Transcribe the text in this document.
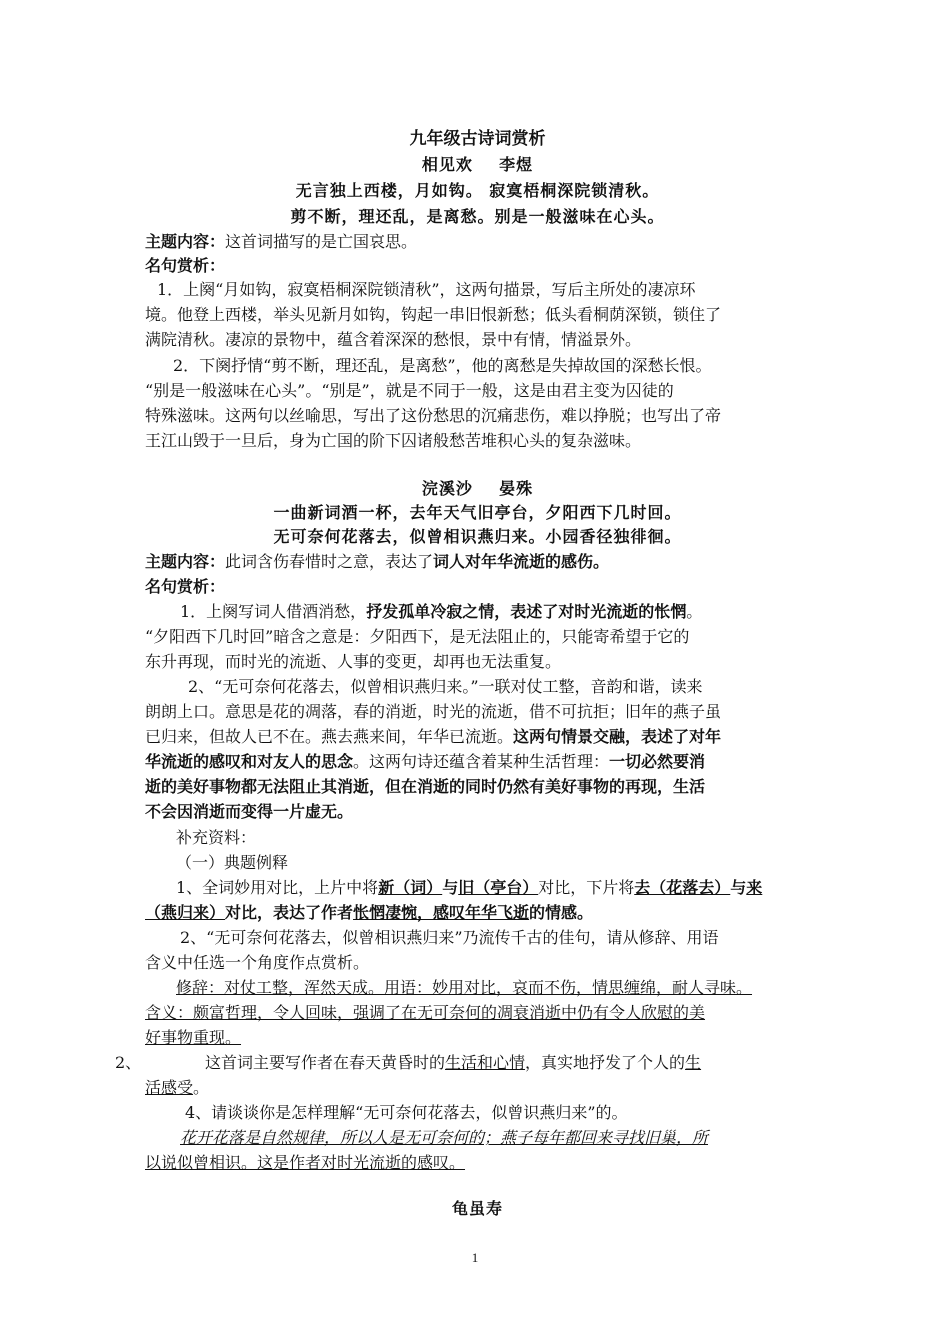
九年级古诗词赏析
相见欢    李煜
无言独上西楼，月如钩。 寂寞梧桐深院锁清秋。
剪不断，理还乱，是离愁。别是一般滋味在心头。
主题内容：这首词描写的是亡国哀思。
名句赏析：
1．上阕“月如钩，寂寞梧桐深院锁清秋”，这两句描景，写后主所处的凄凉环
境。他登上西楼，举头见新月如钩，钩起一串旧恨新愁；低头看桐荫深锁，锁住了
满院清秋。凄凉的景物中，蕴含着深深的愁恨，景中有情，情溢景外。
2．下阕抒情“剪不断，理还乱，是离愁”，他的离愁是失掉故国的深愁长恨。
“别是一般滋味在心头”。“别是”，就是不同于一般，这是由君主变为囚徒的
特殊滋味。这两句以丝喻思，写出了这份愁思的沉痛悲伤，难以挣脱；也写出了帝
王江山毁于一旦后，身为亡国的阶下囚诸般愁苦堆积心头的复杂滋味。
浣溪沙    晏殊
一曲新词酒一杯，去年天气旧亭台，夕阳西下几时回。
无可奈何花落去，似曾相识燕归来。小园香径独徘徊。
主题内容：此词含伤春惜时之意，表达了词人对年华流逝的感伤。
名句赏析：
1．上阕写词人借酒消愁，抒发孤单冷寂之情，表述了对时光流逝的怅惘。
“夕阳西下几时回”暗含之意是：夕阳西下，是无法阻止的，只能寄希望于它的
东升再现，而时光的流逝、人事的变更，却再也无法重复。
2、“无可奈何花落去，似曾相识燕归来。”一联对仗工整，音韵和谐，读来
朗朗上口。意思是花的凋落，春的消逝，时光的流逝，借不可抗拒；旧年的燕子虽
已归来，但故人已不在。燕去燕来间，年华已流逝。这两句情景交融，表述了对年
华流逝的感叹和对友人的思念。这两句诗还蕴含着某种生活哲理：一切必然要消
逝的美好事物都无法阻止其消逝，但在消逝的同时仍然有美好事物的再现，生活
不会因消逝而变得一片虚无。
补充资料：
（一）典题例释
1、全词妙用对比，上片中将新（词）与旧（亭台）对比，下片将去（花落去）与来
（燕归来）对比，表达了作者怅惘凄惋，感叹年华飞逝的情感。
2、“无可奈何花落去，似曾相识燕归来”乃流传千古的佳句，请从修辞、用语
含义中任选一个角度作点赏析。
修辞：对仗工整，浑然天成。用语：妙用对比，哀而不伤，情思缠绵，耐人寻味。
含义：颇富哲理，令人回味，强调了在无可奈何的凋衰消逝中仍有令人欣慰的美
好事物重现。
2、	这首词主要写作者在春天黄昏时的生活和心情，真实地抒发了个人的生
活感受。
4、请谈谈你是怎样理解“无可奈何花落去，似曾识燕归来”的。
花开花落是自然规律，所以人是无可奈何的；燕子每年都回来寻找旧巢，所
以说似曾相识。这是作者对时光流逝的感叹。
龟虽寿
1
